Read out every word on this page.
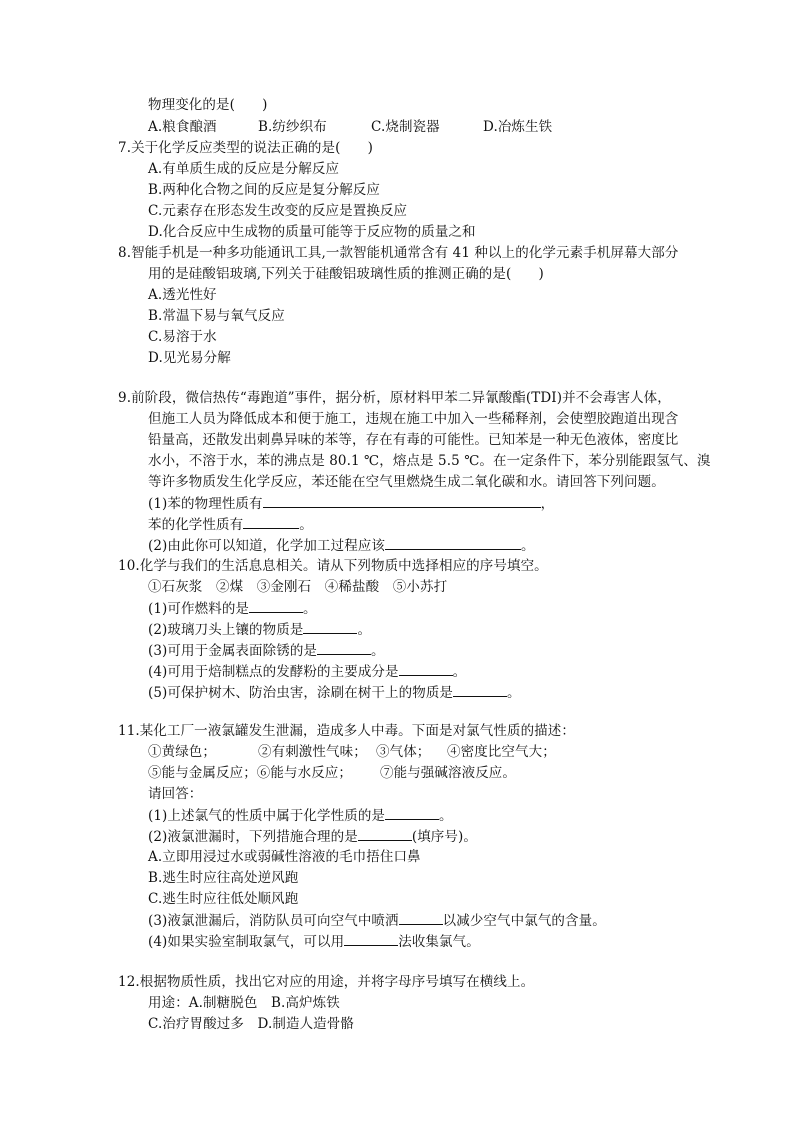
物理变化的是(　　)
A.粮食酿酒	B.纺纱织布	C.烧制瓷器	D.冶炼生铁
7.关于化学反应类型的说法正确的是(　　)
A.有单质生成的反应是分解反应
B.两种化合物之间的反应是复分解反应
C.元素存在形态发生改变的反应是置换反应
D.化合反应中生成物的质量可能等于反应物的质量之和
8.智能手机是一种多功能通讯工具,一款智能机通常含有 41 种以上的化学元素手机屏幕大部分
用的是硅酸铝玻璃,下列关于硅酸铝玻璃性质的推测正确的是(　　)
A.透光性好
B.常温下易与氧气反应
C.易溶于水
D.见光易分解
9.前阶段，微信热传“毒跑道”事件，据分析，原材料甲苯二异氰酸酯(TDI)并不会毒害人体，
但施工人员为降低成本和便于施工，违规在施工中加入一些稀释剂，会使塑胶跑道出现含
铅量高，还散发出刺鼻异味的苯等，存在有毒的可能性。已知苯是一种无色液体，密度比
水小，不溶于水，苯的沸点是 80.1 ℃，熔点是 5.5 ℃。在一定条件下，苯分别能跟氢气、溴
等许多物质发生化学反应，苯还能在空气里燃烧生成二氧化碳和水。请回答下列问题。
(1)苯的物理性质有	，
苯的化学性质有	。
(2)由此你可以知道，化学加工过程应该	。
10.化学与我们的生活息息相关。请从下列物质中选择相应的序号填空。
①石灰浆　②煤　③金刚石　④稀盐酸　⑤小苏打
(1)可作燃料的是	。
(2)玻璃刀头上镶的物质是	。
(3)可用于金属表面除锈的是	。
(4)可用于焙制糕点的发酵粉的主要成分是	。
(5)可保护树木、防治虫害，涂刷在树干上的物质是	。
11.某化工厂一液氯罐发生泄漏，造成多人中毒。下面是对氯气性质的描述：
①黄绿色；	②有刺激性气味； ③气体； ④密度比空气大；
⑤能与金属反应；⑥能与水反应； ⑦能与强碱溶液反应。
请回答：
(1)上述氯气的性质中属于化学性质的是	。
(2)液氯泄漏时，下列措施合理的是	(填序号)。
A.立即用浸过水或弱碱性溶液的毛巾捂住口鼻
B.逃生时应往高处逆风跑
C.逃生时应往低处顺风跑
(3)液氯泄漏后，消防队员可向空气中喷洒	以减少空气中氯气的含量。
(4)如果实验室制取氯气，可以用	法收集氯气。
12.根据物质性质，找出它对应的用途，并将字母序号填写在横线上。
用途：A.制糖脱色　B.高炉炼铁
C.治疗胃酸过多　D.制造人造骨骼
